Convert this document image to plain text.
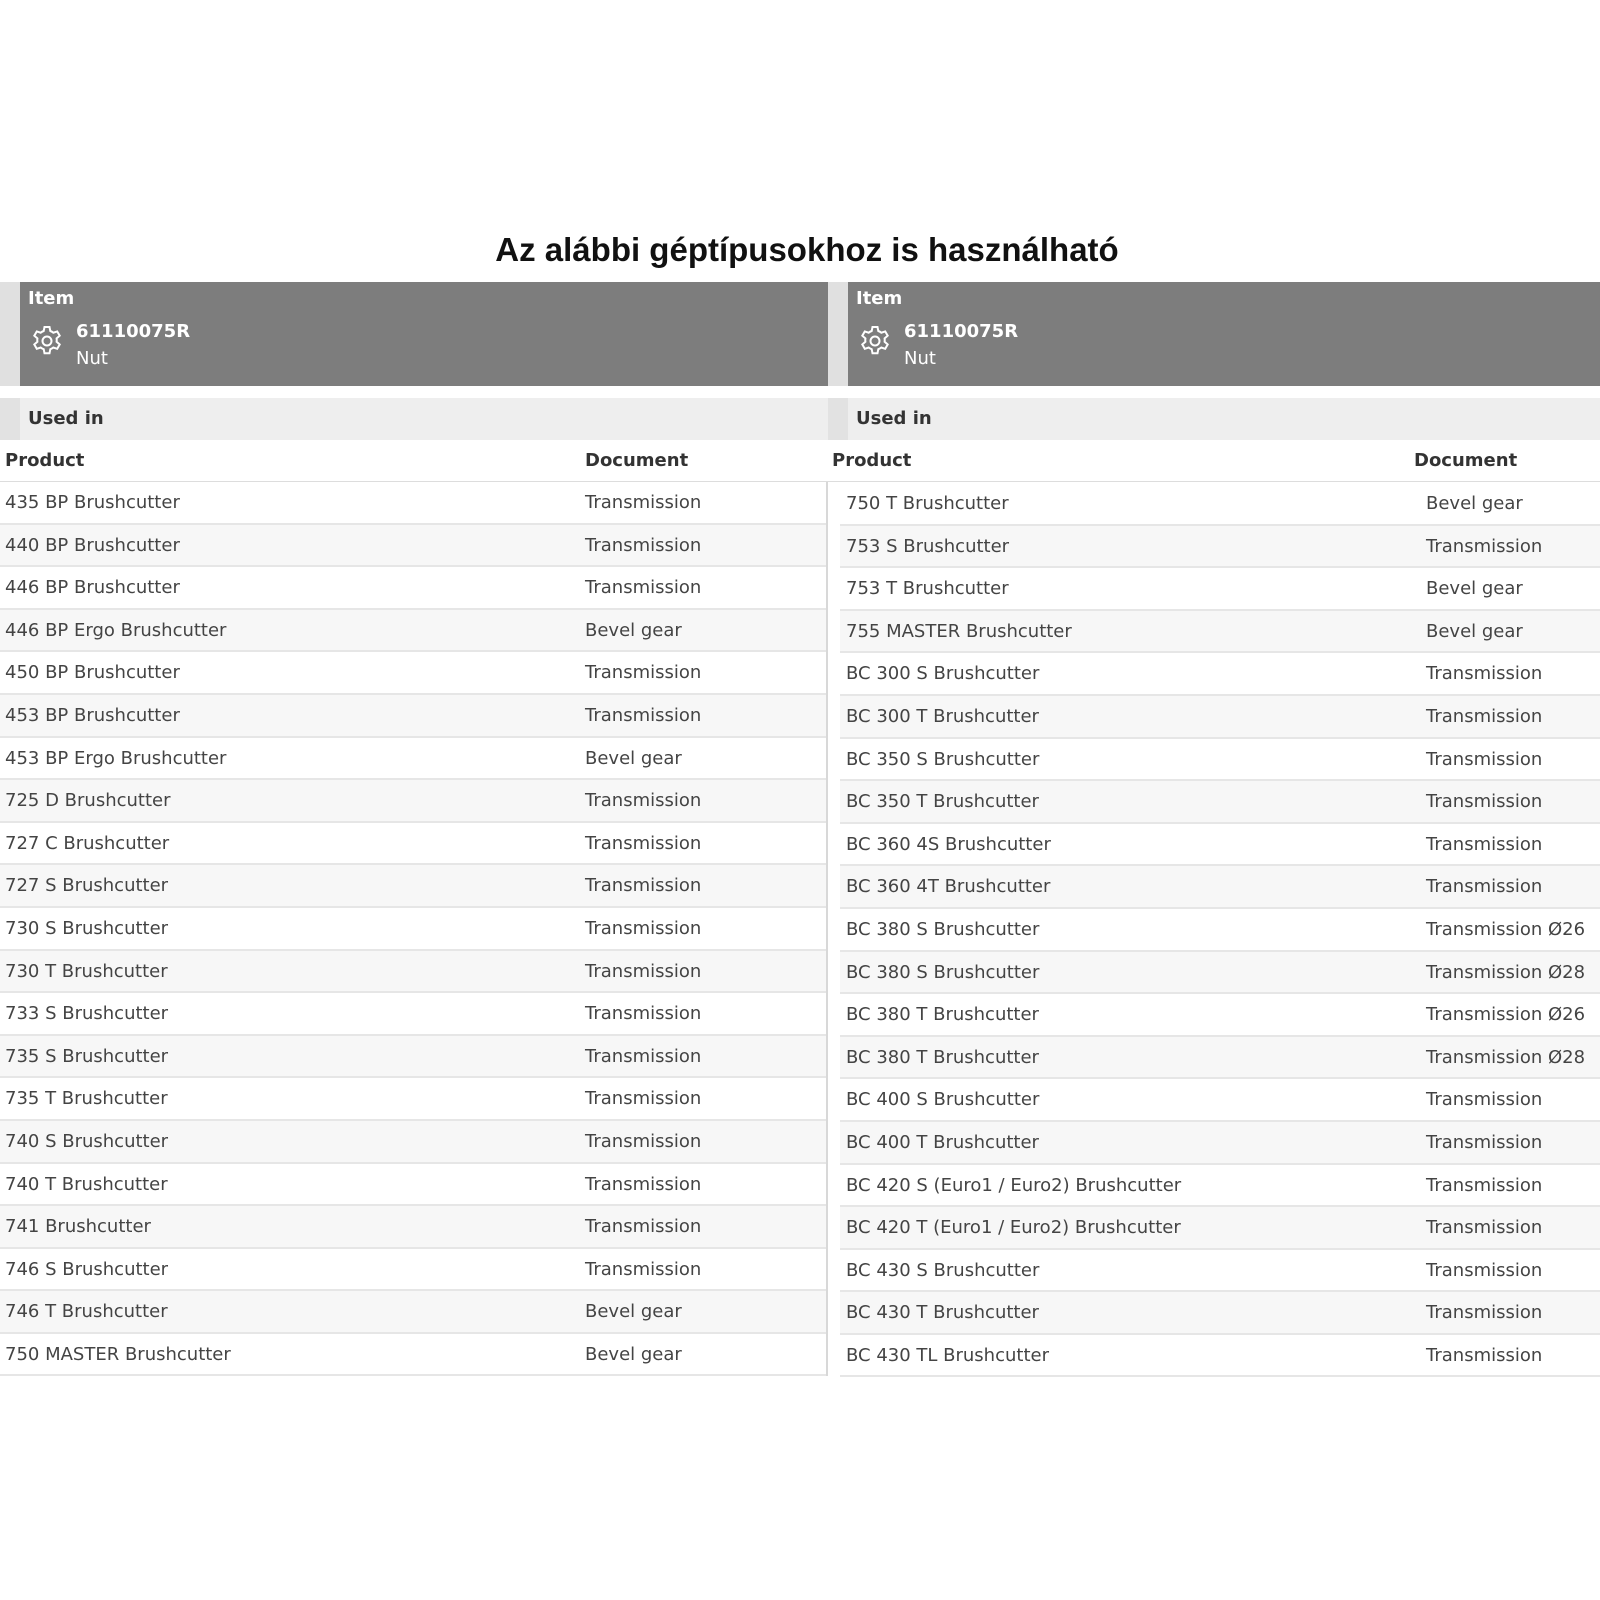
Az alábbi géptípusokhoz is használható
Item
61110075R
Nut
Used in
Product	Document
435 BP Brushcutter	Transmission
440 BP Brushcutter	Transmission
446 BP Brushcutter	Transmission
446 BP Ergo Brushcutter	Bevel gear
450 BP Brushcutter	Transmission
453 BP Brushcutter	Transmission
453 BP Ergo Brushcutter	Bevel gear
725 D Brushcutter	Transmission
727 C Brushcutter	Transmission
727 S Brushcutter	Transmission
730 S Brushcutter	Transmission
730 T Brushcutter	Transmission
733 S Brushcutter	Transmission
735 S Brushcutter	Transmission
735 T Brushcutter	Transmission
740 S Brushcutter	Transmission
740 T Brushcutter	Transmission
741 Brushcutter	Transmission
746 S Brushcutter	Transmission
746 T Brushcutter	Bevel gear
750 MASTER Brushcutter	Bevel gear
Item
61110075R
Nut
Used in
Product	Document
750 T Brushcutter	Bevel gear
753 S Brushcutter	Transmission
753 T Brushcutter	Bevel gear
755 MASTER Brushcutter	Bevel gear
BC 300 S Brushcutter	Transmission
BC 300 T Brushcutter	Transmission
BC 350 S Brushcutter	Transmission
BC 350 T Brushcutter	Transmission
BC 360 4S Brushcutter	Transmission
BC 360 4T Brushcutter	Transmission
BC 380 S Brushcutter	Transmission Ø26
BC 380 S Brushcutter	Transmission Ø28
BC 380 T Brushcutter	Transmission Ø26
BC 380 T Brushcutter	Transmission Ø28
BC 400 S Brushcutter	Transmission
BC 400 T Brushcutter	Transmission
BC 420 S (Euro1 / Euro2) Brushcutter	Transmission
BC 420 T (Euro1 / Euro2) Brushcutter	Transmission
BC 430 S Brushcutter	Transmission
BC 430 T Brushcutter	Transmission
BC 430 TL Brushcutter	Transmission
